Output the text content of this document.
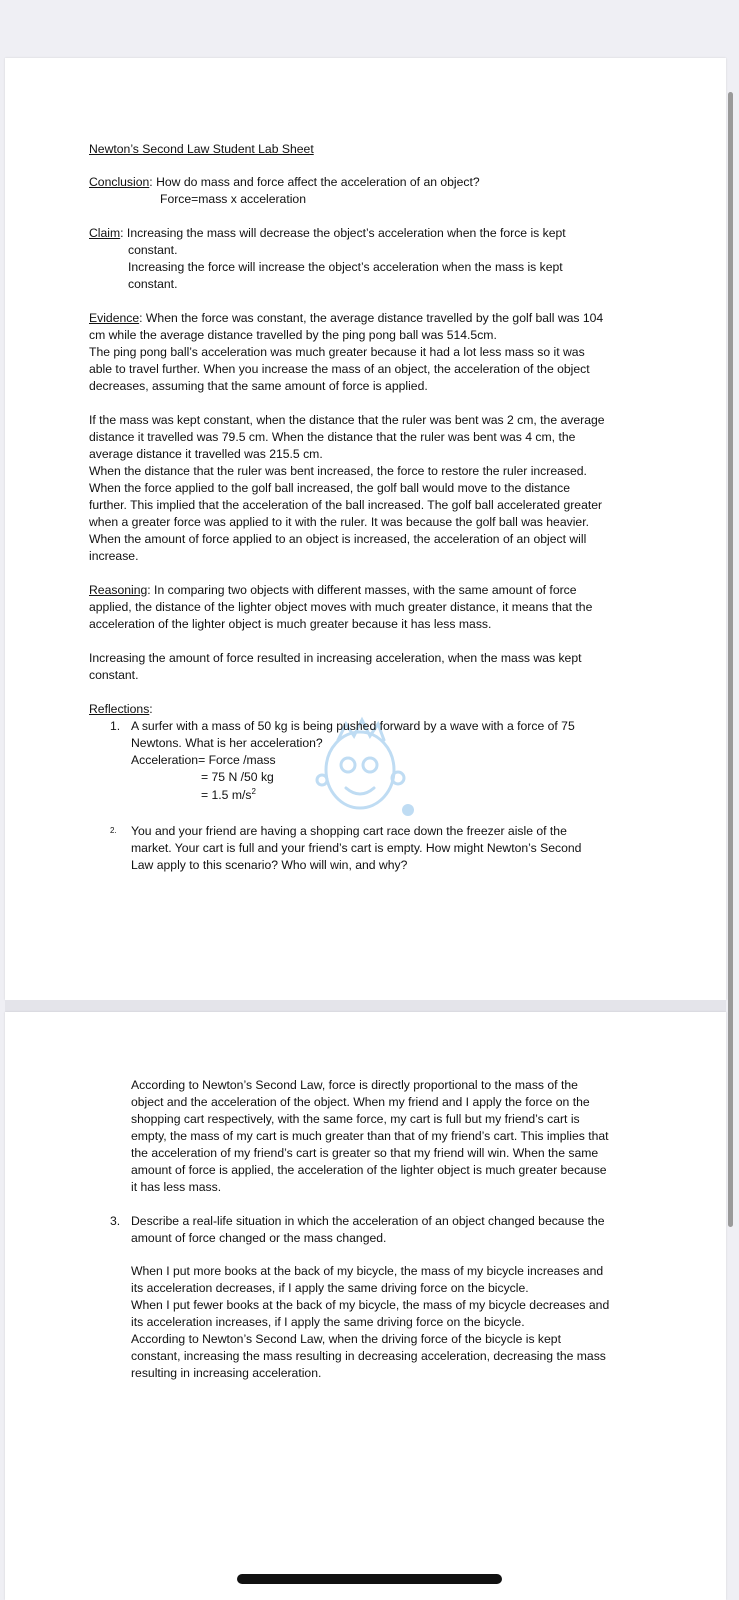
Newton’s Second Law Student Lab Sheet
Conclusion: How do mass and force affect the acceleration of an object?
Force=mass x acceleration
Claim: Increasing the mass will decrease the object’s acceleration when the force is kept
constant.
Increasing the force will increase the object’s acceleration when the mass is kept
constant.
Evidence: When the force was constant, the average distance travelled by the golf ball was 104
cm while the average distance travelled by the ping pong ball was 514.5cm.
The ping pong ball’s acceleration was much greater because it had a lot less mass so it was
able to travel further. When you increase the mass of an object, the acceleration of the object
decreases, assuming that the same amount of force is applied.
If the mass was kept constant, when the distance that the ruler was bent was 2 cm, the average
distance it travelled was 79.5 cm. When the distance that the ruler was bent was 4 cm, the
average distance it travelled was 215.5 cm.
When the distance that the ruler was bent increased, the force to restore the ruler increased.
When the force applied to the golf ball increased, the golf ball would move to the distance
further. This implied that the acceleration of the ball increased. The golf ball accelerated greater
when a greater force was applied to it with the ruler. It was because the golf ball was heavier.
When the amount of force applied to an object is increased, the acceleration of an object will
increase.
Reasoning: In comparing two objects with different masses, with the same amount of force
applied, the distance of the lighter object moves with much greater distance, it means that the
acceleration of the lighter object is much greater because it has less mass.
Increasing the amount of force resulted in increasing acceleration, when the mass was kept
constant.
Reflections:
1. A surfer with a mass of 50 kg is being pushed forward by a wave with a force of 75
Newtons. What is her acceleration?
Acceleration= Force /mass
= 75 N /50 kg
= 1.5 $m/s^2$
2. You and your friend are having a shopping cart race down the freezer aisle of the
market. Your cart is full and your friend’s cart is empty. How might Newton’s Second
Law apply to this scenario? Who will win, and why?
According to Newton’s Second Law, force is directly proportional to the mass of the
object and the acceleration of the object. When my friend and I apply the force on the
shopping cart respectively, with the same force, my cart is full but my friend’s cart is
empty, the mass of my cart is much greater than that of my friend’s cart. This implies that
the acceleration of my friend’s cart is greater so that my friend will win. When the same
amount of force is applied, the acceleration of the lighter object is much greater because
it has less mass.
3. Describe a real-life situation in which the acceleration of an object changed because the
amount of force changed or the mass changed.
When I put more books at the back of my bicycle, the mass of my bicycle increases and
its acceleration decreases, if I apply the same driving force on the bicycle.
When I put fewer books at the back of my bicycle, the mass of my bicycle decreases and
its acceleration increases, if I apply the same driving force on the bicycle.
According to Newton’s Second Law, when the driving force of the bicycle is kept
constant, increasing the mass resulting in decreasing acceleration, decreasing the mass
resulting in increasing acceleration.
